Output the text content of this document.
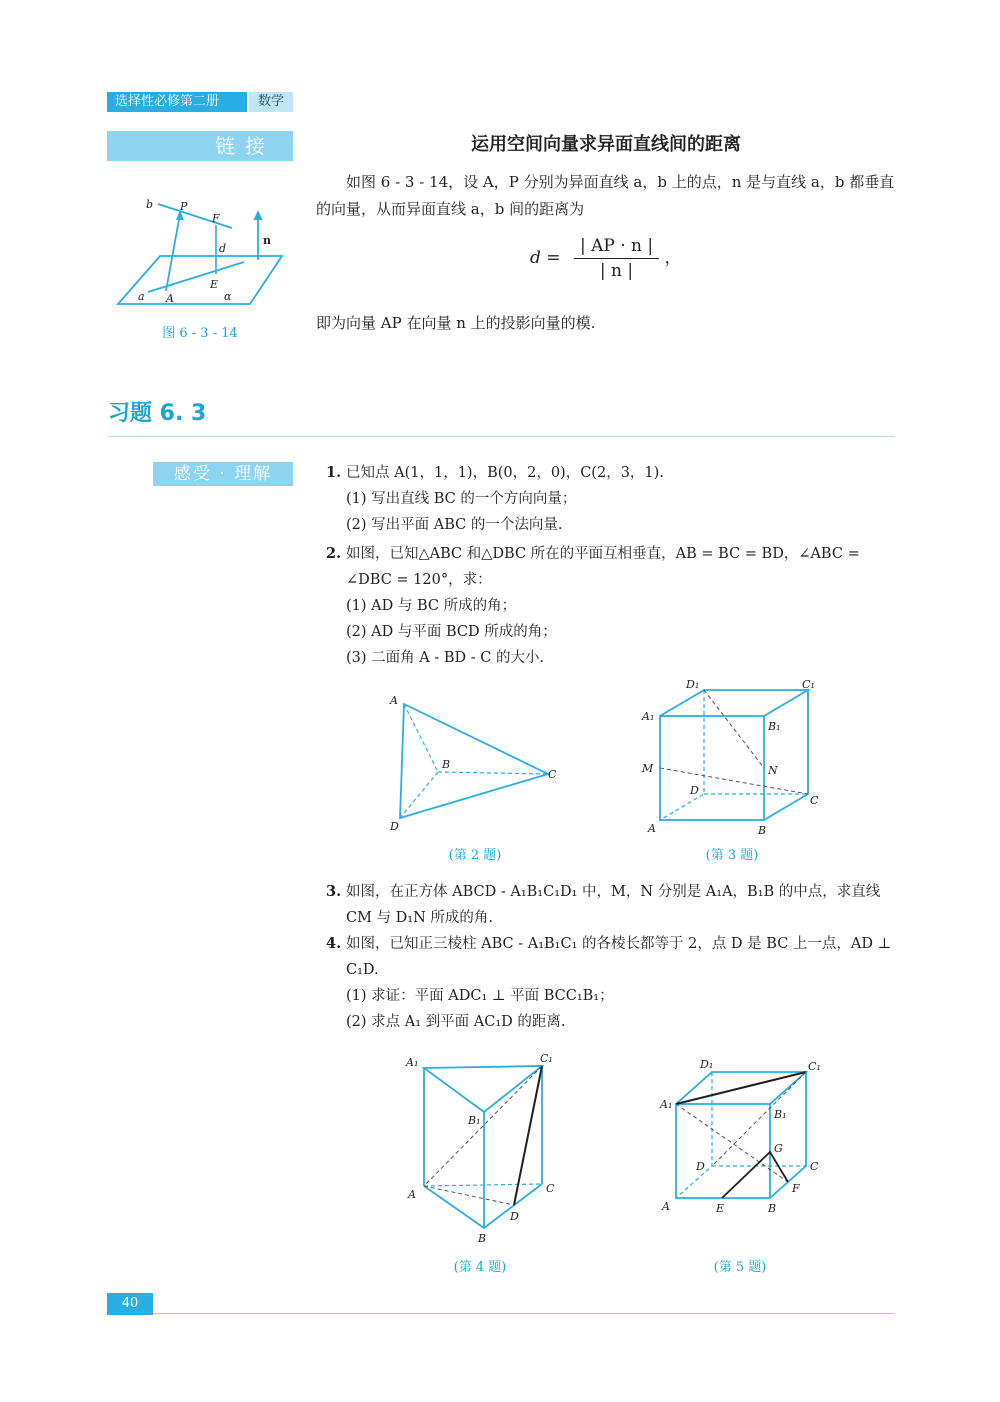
选择性必修第二册	数学
链接
b P
F
d
n
E
a A	α
图 6 - 3 - 14
运用空间向量求异面直线间的距离
如图 6 - 3 - 14，设 A，P 分别为异面直线 a，b 上的点，n 是与直线 a，b 都垂直的向量，从而异面直线 a，b 间的距离为
$d = \frac{| AP \cdot n |}{| n |}$ ，
即为向量 AP 在向量 n 上的投影向量的模.
习题 6. 3
感受 · 理解	1. 已知点 A(1，1，1)，B(0，2，0)，C(2，3，1).
(1) 写出直线 BC 的一个方向向量；
(2) 写出平面 ABC 的一个法向量.
2. 如图，已知△ABC 和△DBC 所在的平面互相垂直，AB = BC = BD，∠ABC = ∠DBC = 120°，求：
(1) AD 与 BC 所成的角；
(2) AD 与平面 BCD 所成的角；
(3) 二面角 A - BD - C 的大小.
A
B
C
D
(第 2 题)
D₁	C₁
A₁
B₁
M	N
D
C
A	B
(第 3 题)
3. 如图，在正方体 ABCD - A₁B₁C₁D₁ 中，M，N 分别是 A₁A，B₁B 的中点，求直线 CM 与 D₁N 所成的角.
4. 如图，已知正三棱柱 ABC - A₁B₁C₁ 的各棱长都等于 2，点 D 是 BC 上一点，AD ⊥ C₁D.
(1) 求证：平面 ADC₁ ⊥ 平面 BCC₁B₁；
(2) 求点 A₁ 到平面 AC₁D 的距离.
A₁	C₁
B₁
A	C
D
B
(第 4 题)
D₁	C₁
A₁
B₁
G
D	C
F
A	E	B
(第 5 题)
40
